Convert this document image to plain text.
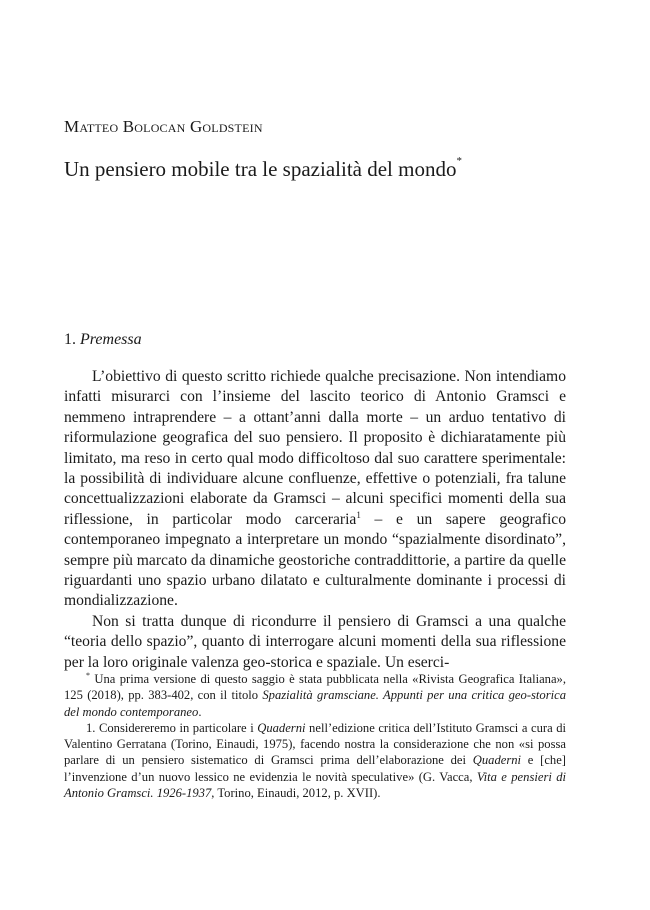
Matteo Bolocan Goldstein
Un pensiero mobile tra le spazialità del mondo*
1. Premessa

L’obiettivo di questo scritto richiede qualche precisazione. Non intendiamo infatti misurarci con l’insieme del lascito teorico di Antonio Gramsci e nemmeno intraprendere – a ottant’anni dalla morte – un arduo tentativo di riformulazione geografica del suo pensiero. Il proposito è dichiaratamente più limitato, ma reso in certo qual modo difficoltoso dal suo carattere sperimentale: la possibilità di individuare alcune confluenze, effettive o potenziali, fra talune concettualizzazioni elaborate da Gramsci – alcuni specifici momenti della sua riflessione, in particolar modo carceraria$^1$ – e un sapere geografico contemporaneo impegnato a interpretare un mondo “spazialmente disordinato”, sempre più marcato da dinamiche geostoriche contraddittorie, a partire da quelle riguardanti uno spazio urbano dilatato e culturalmente dominante i processi di mondializzazione.

Non si tratta dunque di ricondurre il pensiero di Gramsci a una qualche “teoria dello spazio”, quanto di interrogare alcuni momenti della sua riflessione per la loro originale valenza geo-storica e spaziale. Un eserci-

* Una prima versione di questo saggio è stata pubblicata nella «Rivista Geografica Italiana», 125 (2018), pp. 383-402, con il titolo Spazialità gramsciane. Appunti per una critica geo-storica del mondo contemporaneo.

1. Considereremo in particolare i Quaderni nell’edizione critica dell’Istituto Gramsci a cura di Valentino Gerratana (Torino, Einaudi, 1975), facendo nostra la considerazione che non «si possa parlare di un pensiero sistematico di Gramsci prima dell’elaborazione dei Quaderni e [che] l’invenzione d’un nuovo lessico ne evidenzia le novità speculative» (G. Vacca, Vita e pensieri di Antonio Gramsci. 1926-1937, Torino, Einaudi, 2012, p. XVII).
